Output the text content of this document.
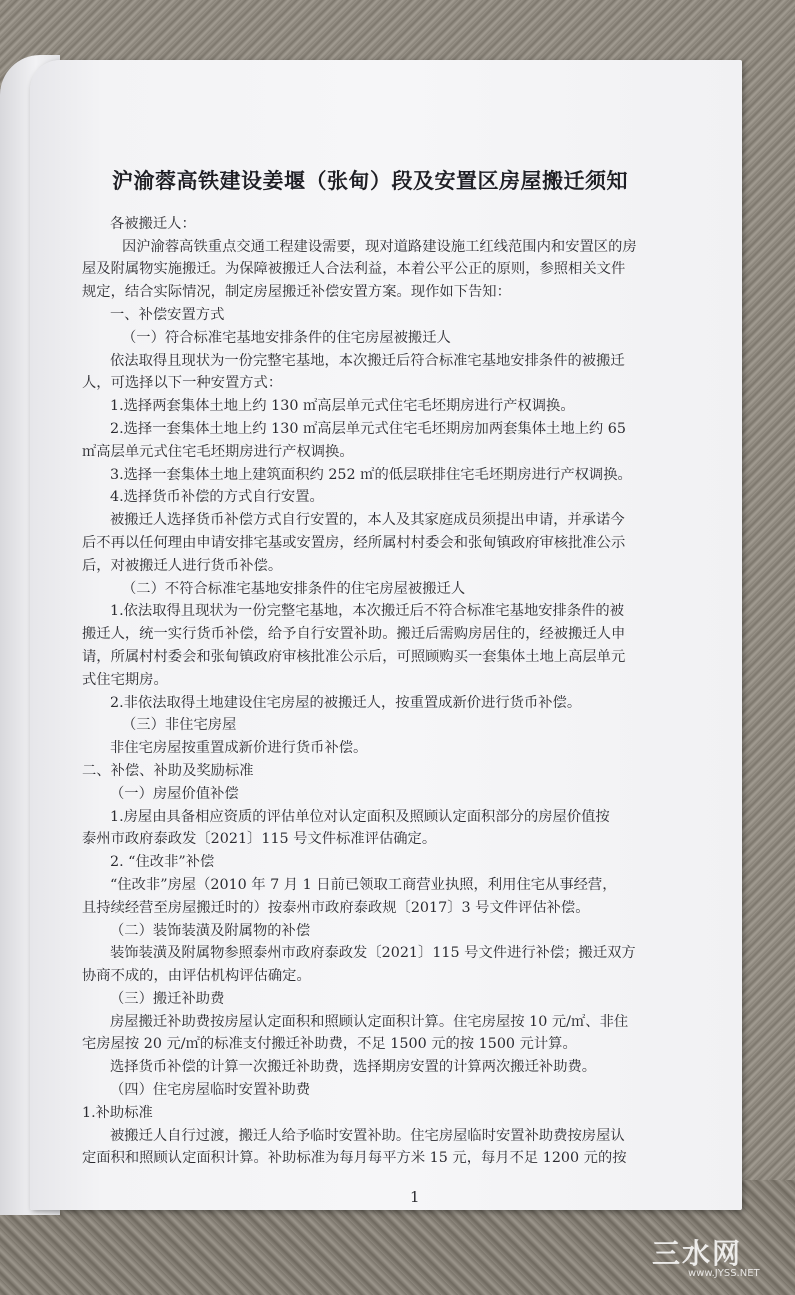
沪渝蓉高铁建设姜堰（张甸）段及安置区房屋搬迁须知

各被搬迁人：

因沪渝蓉高铁重点交通工程建设需要，现对道路建设施工红线范围内和安置区的房

屋及附属物实施搬迁。为保障被搬迁人合法利益，本着公平公正的原则，参照相关文件

规定，结合实际情况，制定房屋搬迁补偿安置方案。现作如下告知：

一、补偿安置方式

（一）符合标准宅基地安排条件的住宅房屋被搬迁人

依法取得且现状为一份完整宅基地，本次搬迁后符合标准宅基地安排条件的被搬迁

人，可选择以下一种安置方式：

1.选择两套集体土地上约 130 ㎡高层单元式住宅毛坯期房进行产权调换。

2.选择一套集体土地上约 130 ㎡高层单元式住宅毛坯期房加两套集体土地上约 65

㎡高层单元式住宅毛坯期房进行产权调换。

3.选择一套集体土地上建筑面积约 252 ㎡的低层联排住宅毛坯期房进行产权调换。

4.选择货币补偿的方式自行安置。

被搬迁人选择货币补偿方式自行安置的，本人及其家庭成员须提出申请，并承诺今

后不再以任何理由申请安排宅基或安置房，经所属村村委会和张甸镇政府审核批准公示

后，对被搬迁人进行货币补偿。

（二）不符合标准宅基地安排条件的住宅房屋被搬迁人

1.依法取得且现状为一份完整宅基地，本次搬迁后不符合标准宅基地安排条件的被

搬迁人，统一实行货币补偿，给予自行安置补助。搬迁后需购房居住的，经被搬迁人申

请，所属村村委会和张甸镇政府审核批准公示后，可照顾购买一套集体土地上高层单元

式住宅期房。

2.非依法取得土地建设住宅房屋的被搬迁人，按重置成新价进行货币补偿。

（三）非住宅房屋

非住宅房屋按重置成新价进行货币补偿。

二、补偿、补助及奖励标准

（一）房屋价值补偿

1.房屋由具备相应资质的评估单位对认定面积及照顾认定面积部分的房屋价值按

泰州市政府泰政发〔2021〕115 号文件标准评估确定。

2. “住改非”补偿

“住改非”房屋（2010 年 7 月 1 日前已领取工商营业执照，利用住宅从事经营，

且持续经营至房屋搬迁时的）按泰州市政府泰政规〔2017〕3 号文件评估补偿。

（二）装饰装潢及附属物的补偿

装饰装潢及附属物参照泰州市政府泰政发〔2021〕115 号文件进行补偿；搬迁双方

协商不成的，由评估机构评估确定。

（三）搬迁补助费

房屋搬迁补助费按房屋认定面积和照顾认定面积计算。住宅房屋按 10 元/㎡、非住

宅房屋按 20 元/㎡的标准支付搬迁补助费，不足 1500 元的按 1500 元计算。

选择货币补偿的计算一次搬迁补助费，选择期房安置的计算两次搬迁补助费。

（四）住宅房屋临时安置补助费

1.补助标准

被搬迁人自行过渡，搬迁人给予临时安置补助。住宅房屋临时安置补助费按房屋认

定面积和照顾认定面积计算。补助标准为每月每平方米 15 元，每月不足 1200 元的按

1
三水网
www.JYSS.NET
